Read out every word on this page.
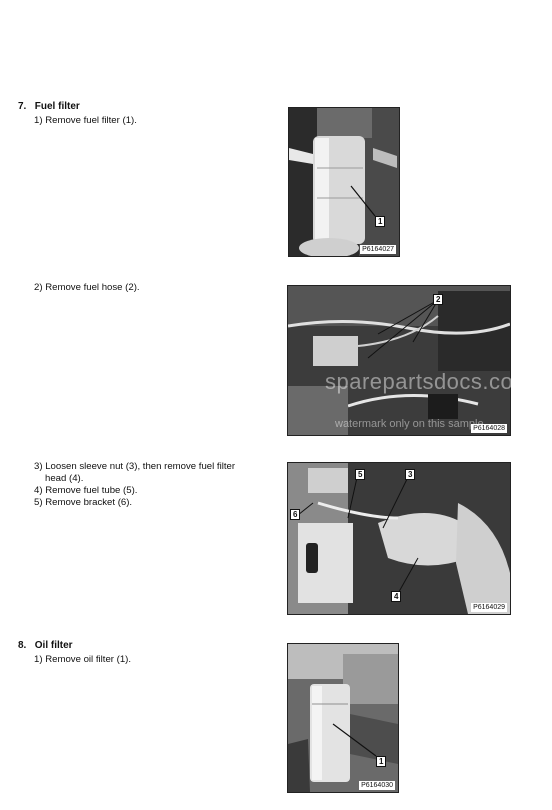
7. Fuel filter
1) Remove fuel filter (1).
1
P6164027
2) Remove fuel hose (2).
2
P6164028
sparepartsdocs.com
watermark only on this sample
3) Loosen sleeve nut (3), then remove fuel filter
head (4).
4) Remove fuel tube (5).
5) Remove bracket (6).
5	3
6
4
P6164029
8. Oil filter
1) Remove oil filter (1).
1
P6164030
